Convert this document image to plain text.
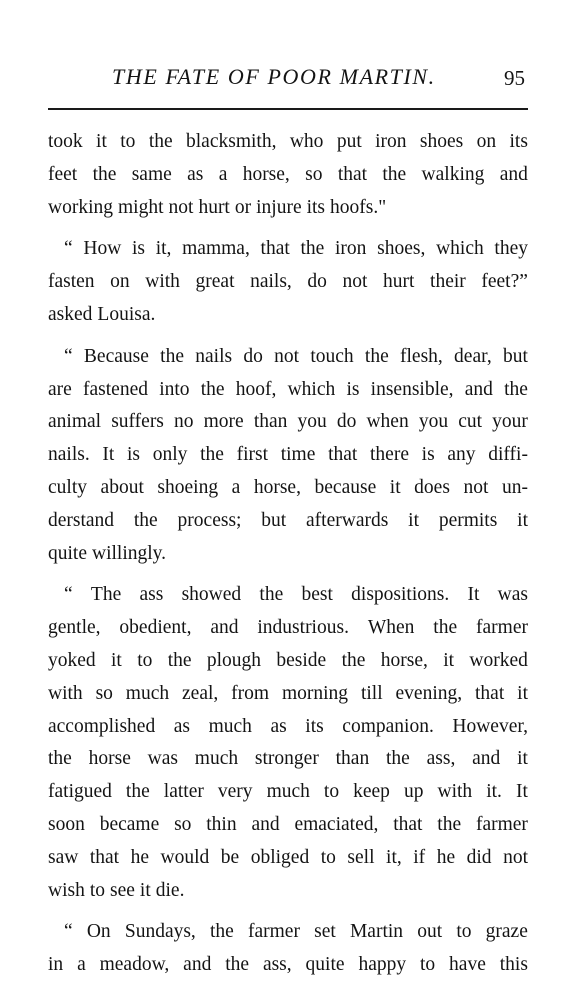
THE FATE OF POOR MARTIN.	95
took it to the blacksmith, who put iron shoes on its
feet the same as a horse, so that the walking and
working might not hurt or injure its hoofs."
“ How is it, mamma, that the iron shoes, which they
fasten on with great nails, do not hurt their feet?”
asked Louisa.
“ Because the nails do not touch the flesh, dear, but
are fastened into the hoof, which is insensible, and the
animal suffers no more than you do when you cut your
nails. It is only the first time that there is any diffi-
culty about shoeing a horse, because it does not un-
derstand the process; but afterwards it permits it
quite willingly.
“ The ass showed the best dispositions. It was
gentle, obedient, and industrious. When the farmer
yoked it to the plough beside the horse, it worked
with so much zeal, from morning till evening, that it
accomplished as much as its companion. However,
the horse was much stronger than the ass, and it
fatigued the latter very much to keep up with it. It
soon became so thin and emaciated, that the farmer
saw that he would be obliged to sell it, if he did not
wish to see it die.
“ On Sundays, the farmer set Martin out to graze
in a meadow, and the ass, quite happy to have this
